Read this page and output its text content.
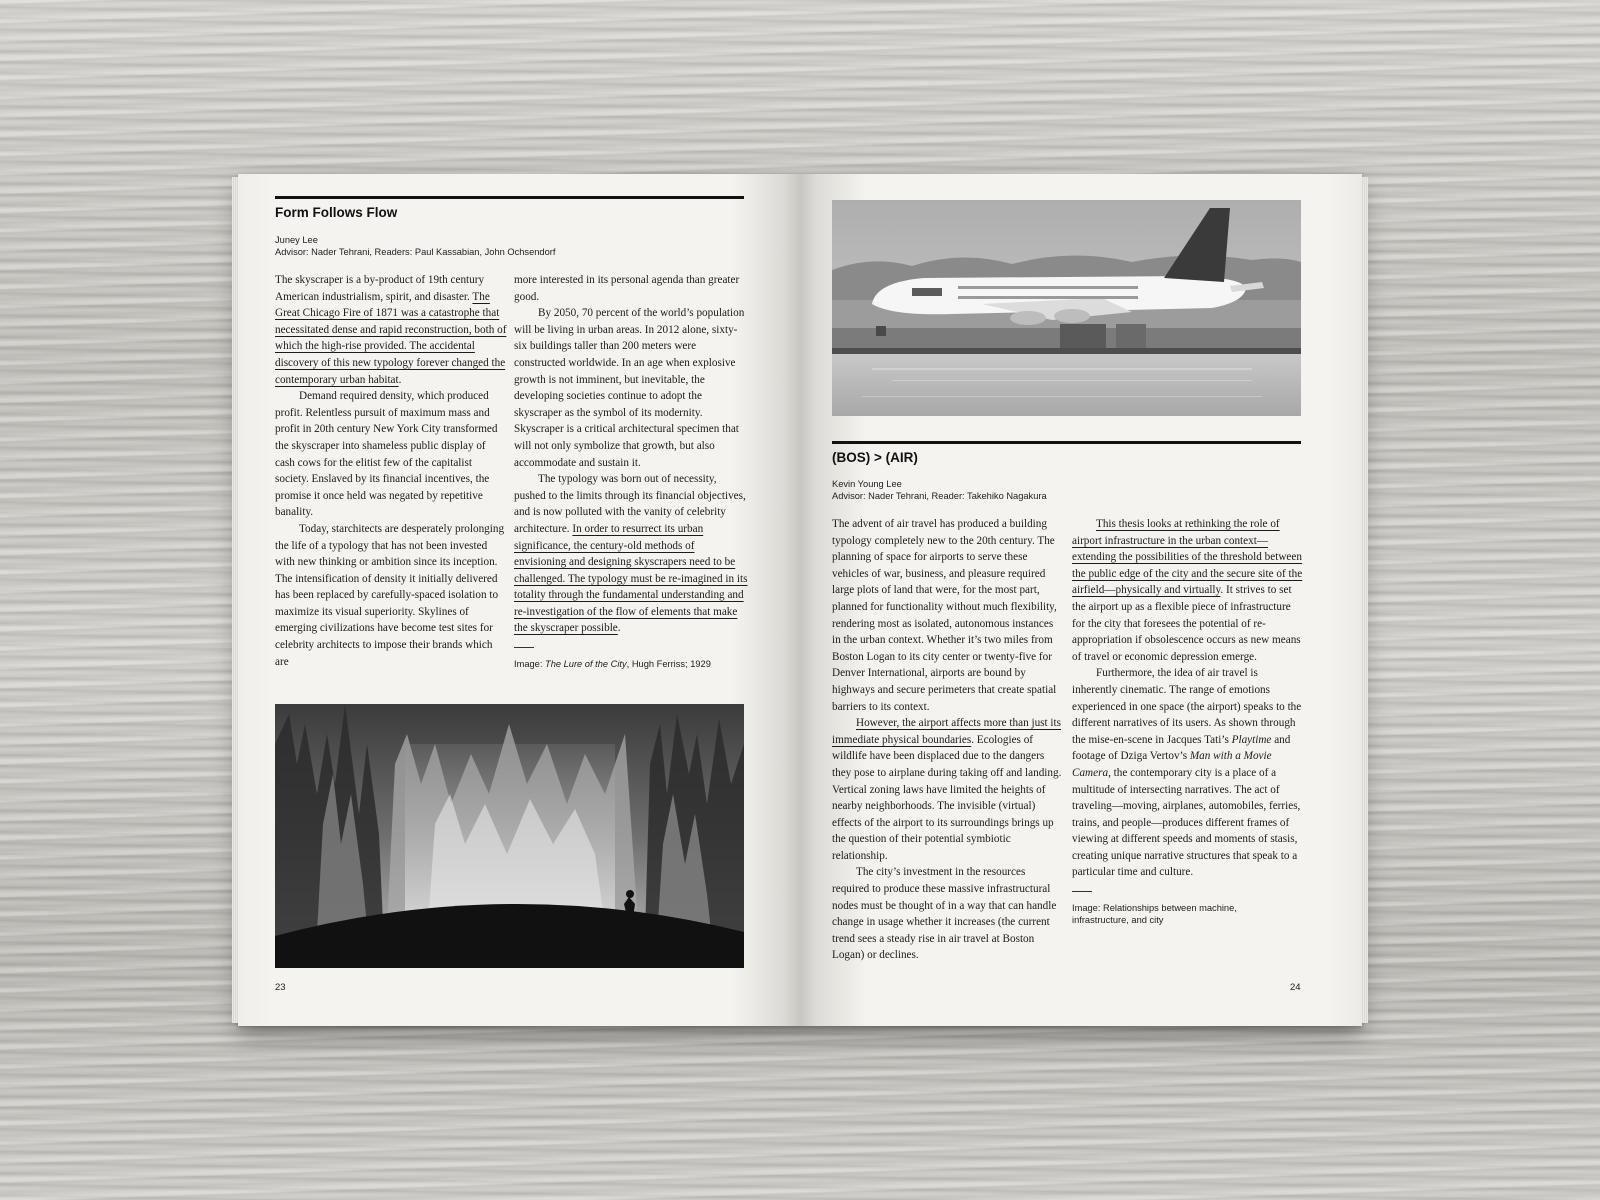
Form Follows Flow
Juney Lee
Advisor: Nader Tehrani, Readers: Paul Kassabian, John Ochsendorf

The skyscraper is a by-product of 19th century American industrialism, spirit, and disaster. The Great Chicago Fire of 1871 was a catastrophe that necessitated dense and rapid reconstruction, both of which the high-rise provided. The accidental discovery of this new typology forever changed the contemporary urban habitat.

Demand required density, which produced profit. Relentless pursuit of maximum mass and profit in 20th century New York City transformed the skyscraper into shameless public display of cash cows for the elitist few of the capitalist society. Enslaved by its financial incentives, the promise it once held was negated by repetitive banality.

Today, starchitects are desperately prolonging the life of a typology that has not been invested with new thinking or ambition since its inception. The intensification of density it initially delivered has been replaced by carefully-spaced isolation to maximize its visual superiority. Skylines of emerging civilizations have become test sites for celebrity architects to impose their brands which are

more interested in its personal agenda than greater good.

By 2050, 70 percent of the world’s population will be living in urban areas. In 2012 alone, sixty-six buildings taller than 200 meters were constructed worldwide. In an age when explosive growth is not imminent, but inevitable, the developing societies continue to adopt the skyscraper as the symbol of its modernity. Skyscraper is a critical architectural specimen that will not only symbolize that growth, but also accommodate and sustain it.

The typology was born out of necessity, pushed to the limits through its financial objectives, and is now polluted with the vanity of celebrity architecture. In order to resurrect its urban significance, the century-old methods of envisioning and designing skyscrapers need to be challenged. The typology must be re-imagined in its totality through the fundamental understanding and re-investigation of the flow of elements that make the skyscraper possible.

Image: The Lure of the City, Hugh Ferriss; 1929
23
(BOS) > (AIR)
Kevin Young Lee
Advisor: Nader Tehrani, Reader: Takehiko Nagakura

The advent of air travel has produced a building typology completely new to the 20th century. The planning of space for airports to serve these vehicles of war, business, and pleasure required large plots of land that were, for the most part, planned for functionality without much flexibility, rendering most as isolated, autonomous instances in the urban context. Whether it’s two miles from Boston Logan to its city center or twenty-five for Denver International, airports are bound by highways and secure perimeters that create spatial barriers to its context.

However, the airport affects more than just its immediate physical boundaries. Ecologies of wildlife have been displaced due to the dangers they pose to airplane during taking off and landing. Vertical zoning laws have limited the heights of nearby neighborhoods. The invisible (virtual) effects of the airport to its surroundings brings up the question of their potential symbiotic relationship.

The city’s investment in the resources required to produce these massive infrastructural nodes must be thought of in a way that can handle change in usage whether it increases (the current trend sees a steady rise in air travel at Boston Logan) or declines.

This thesis looks at rethinking the role of airport infrastructure in the urban context—extending the possibilities of the threshold between the public edge of the city and the secure site of the airfield—physically and virtually. It strives to set the airport up as a flexible piece of infrastructure for the city that foresees the potential of re-appropriation if obsolescence occurs as new means of travel or economic depression emerge.

Furthermore, the idea of air travel is inherently cinematic. The range of emotions experienced in one space (the airport) speaks to the different narratives of its users. As shown through the mise-en-scene in Jacques Tati’s Playtime and footage of Dziga Vertov’s Man with a Movie Camera, the contemporary city is a place of a multitude of intersecting narratives. The act of traveling—moving, airplanes, automobiles, ferries, trains, and people—produces different frames of viewing at different speeds and moments of stasis, creating unique narrative structures that speak to a particular time and culture.

Image: Relationships between machine,
infrastructure, and city
24
